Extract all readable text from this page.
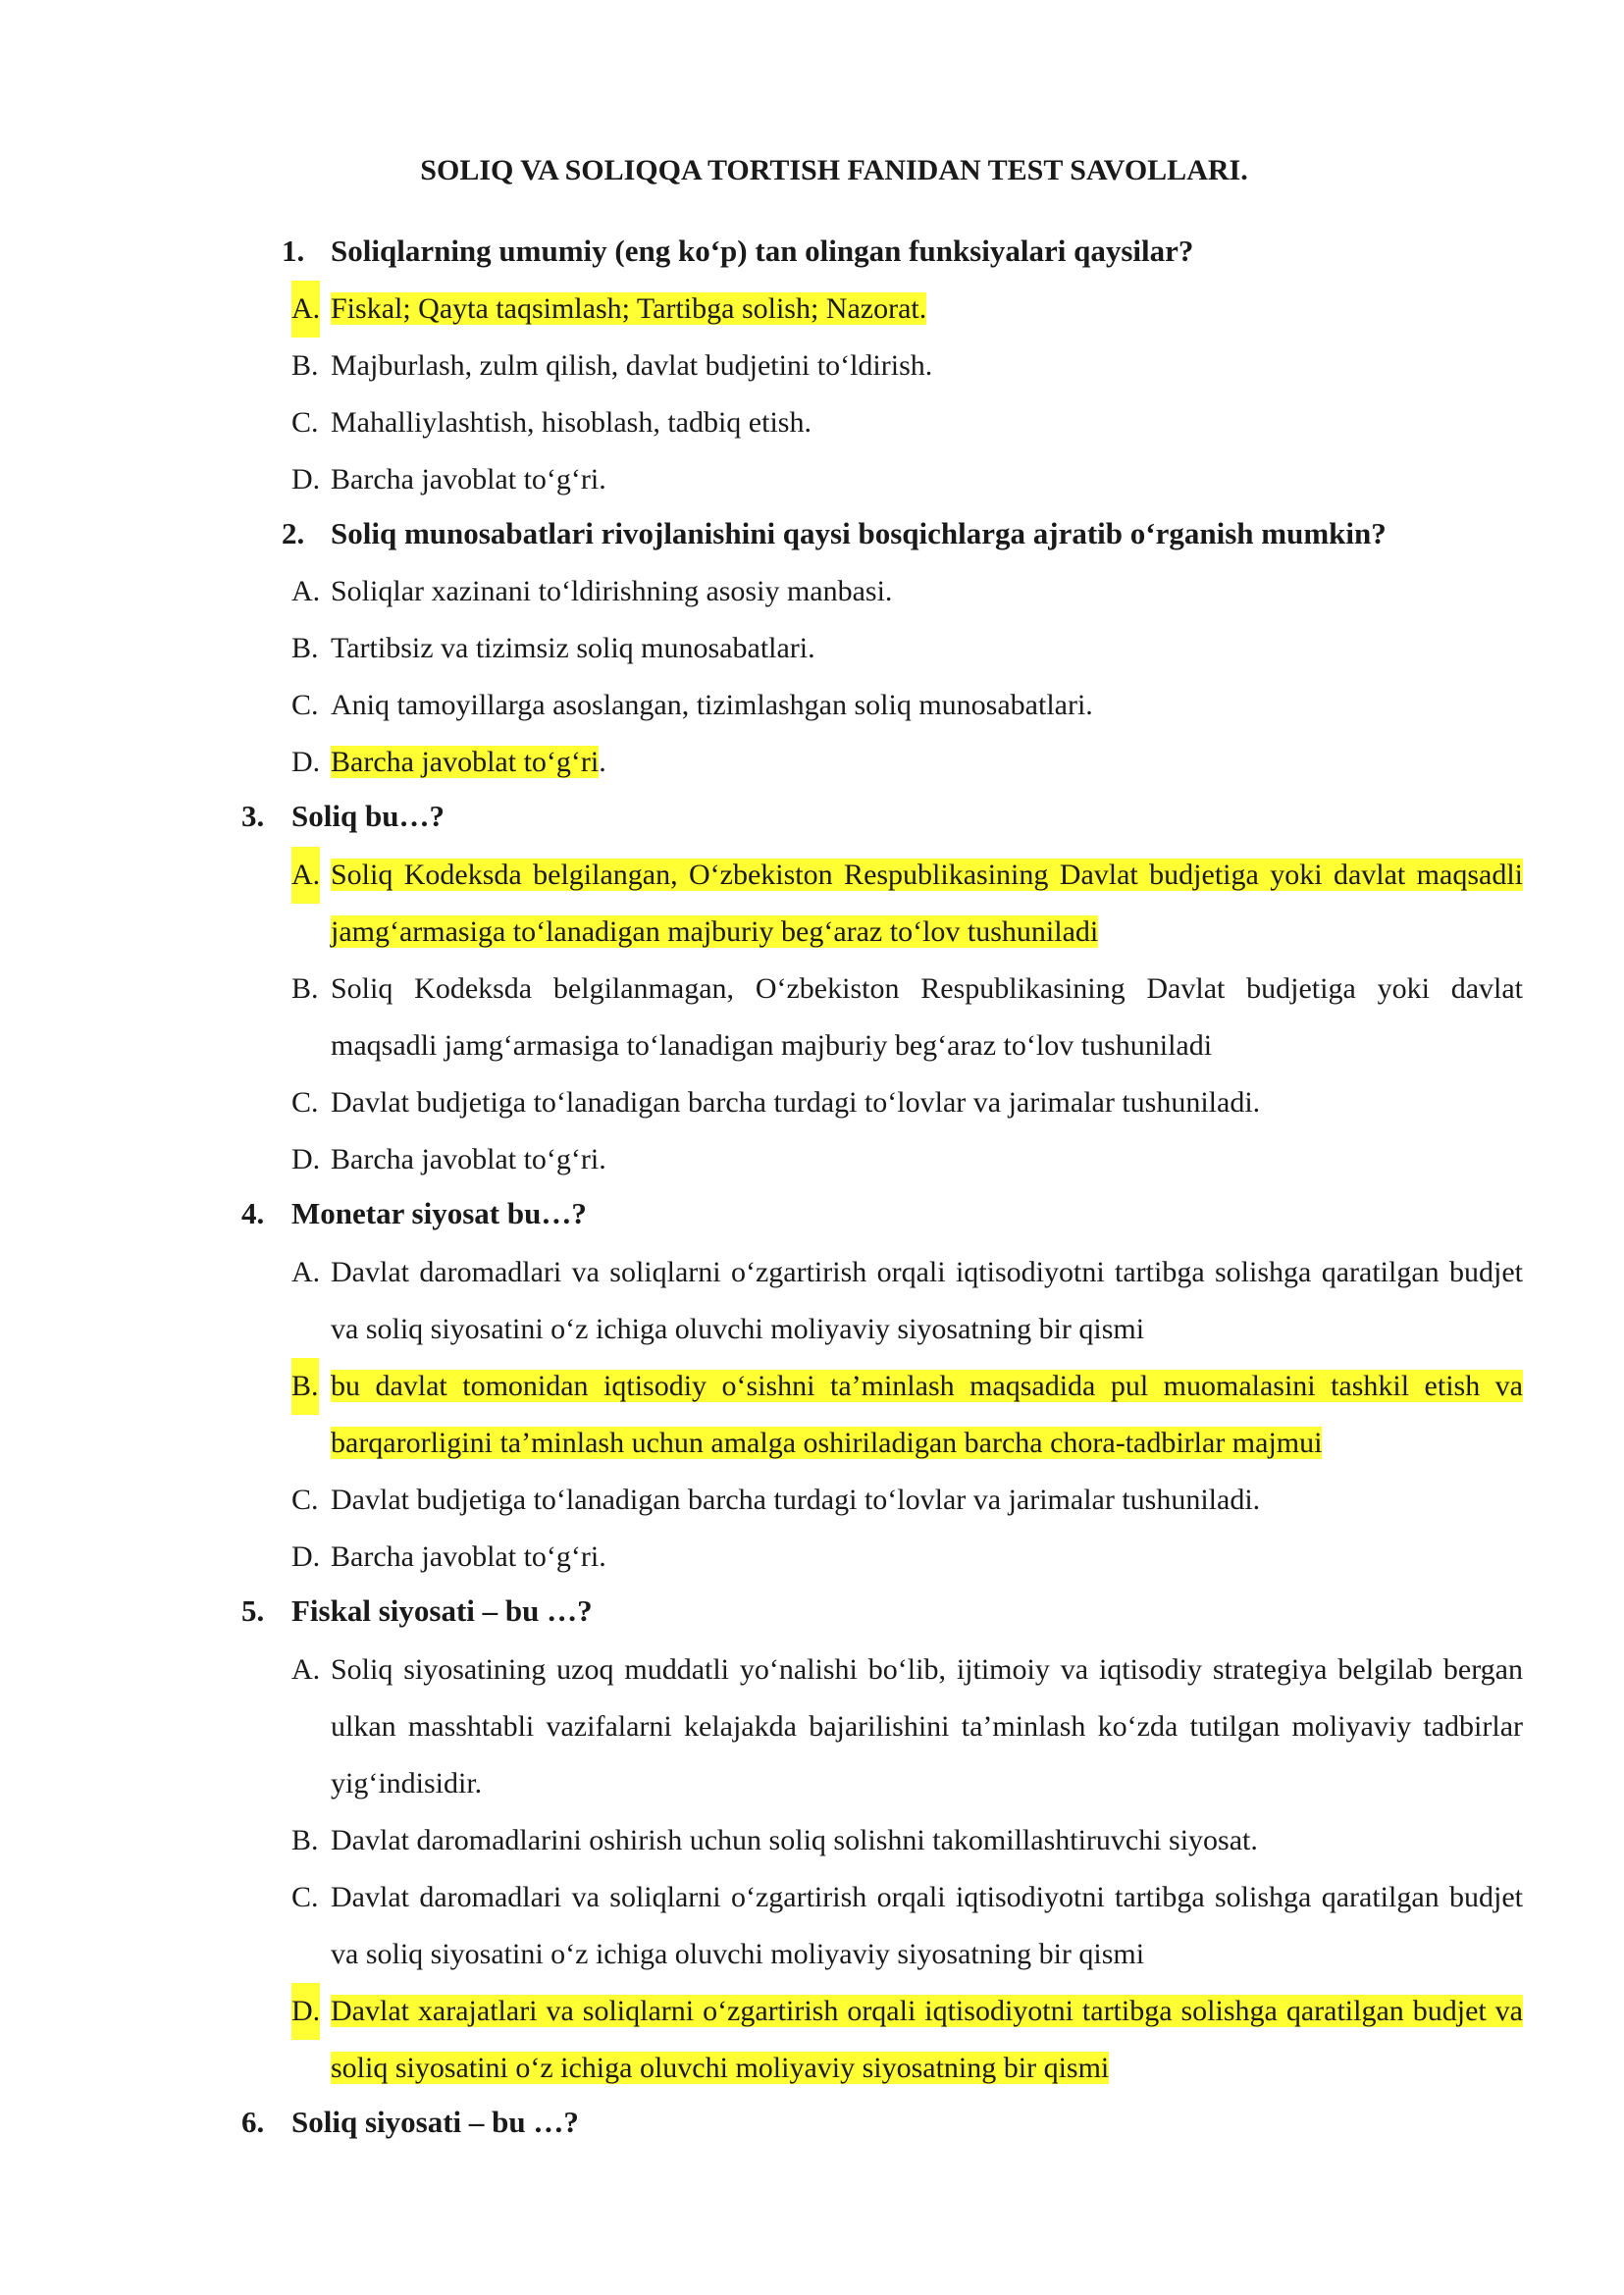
SOLIQ VA SOLIQQA TORTISH FANIDAN TEST SAVOLLARI.
1. Soliqlarning umumiy (eng ko‘p) tan olingan funksiyalari qaysilar?
A. Fiskal; Qayta taqsimlash; Tartibga solish; Nazorat.
B. Majburlash, zulm qilish, davlat budjetini to‘ldirish.
C. Mahalliylashtish, hisoblash, tadbiq etish.
D. Barcha javoblat to‘g‘ri.
2. Soliq munosabatlari rivojlanishini qaysi bosqichlarga ajratib o‘rganish mumkin?
A. Soliqlar xazinani to‘ldirishning asosiy manbasi.
B. Tartibsiz va tizimsiz soliq munosabatlari.
C. Aniq tamoyillarga asoslangan, tizimlashgan soliq munosabatlari.
D. Barcha javoblat to‘g‘ri.
3. Soliq bu…?
A. Soliq Kodeksda belgilangan, O‘zbekiston Respublikasining Davlat budjetiga yoki davlat maqsadli jamg‘armasiga to‘lanadigan majburiy beg‘araz to‘lov tushuniladi
B. Soliq Kodeksda belgilanmagan, O‘zbekiston Respublikasining Davlat budjetiga yoki davlat maqsadli jamg‘armasiga to‘lanadigan majburiy beg‘araz to‘lov tushuniladi
C. Davlat budjetiga to‘lanadigan barcha turdagi to‘lovlar va jarimalar tushuniladi.
D. Barcha javoblat to‘g‘ri.
4. Monetar siyosat bu…?
A. Davlat daromadlari va soliqlarni o‘zgartirish orqali iqtisodiyotni tartibga solishga qaratilgan budjet va soliq siyosatini o‘z ichiga oluvchi moliyaviy siyosatning bir qismi
B. bu davlat tomonidan iqtisodiy o‘sishni ta’minlash maqsadida pul muomalasini tashkil etish va barqarorligini ta’minlash uchun amalga oshiriladigan barcha chora-tadbirlar majmui
C. Davlat budjetiga to‘lanadigan barcha turdagi to‘lovlar va jarimalar tushuniladi.
D. Barcha javoblat to‘g‘ri.
5. Fiskal siyosati – bu …?
A. Soliq siyosatining uzoq muddatli yo‘nalishi bo‘lib, ijtimoiy va iqtisodiy strategiya belgilab bergan ulkan masshtabli vazifalarni kelajakda bajarilishini ta’minlash ko‘zda tutilgan moliyaviy tadbirlar yig‘indisidir.
B. Davlat daromadlarini oshirish uchun soliq solishni takomillashtiruvchi siyosat.
C. Davlat daromadlari va soliqlarni o‘zgartirish orqali iqtisodiyotni tartibga solishga qaratilgan budjet va soliq siyosatini o‘z ichiga oluvchi moliyaviy siyosatning bir qismi
D. Davlat xarajatlari va soliqlarni o‘zgartirish orqali iqtisodiyotni tartibga solishga qaratilgan budjet va soliq siyosatini o‘z ichiga oluvchi moliyaviy siyosatning bir qismi
6. Soliq siyosati – bu …?
